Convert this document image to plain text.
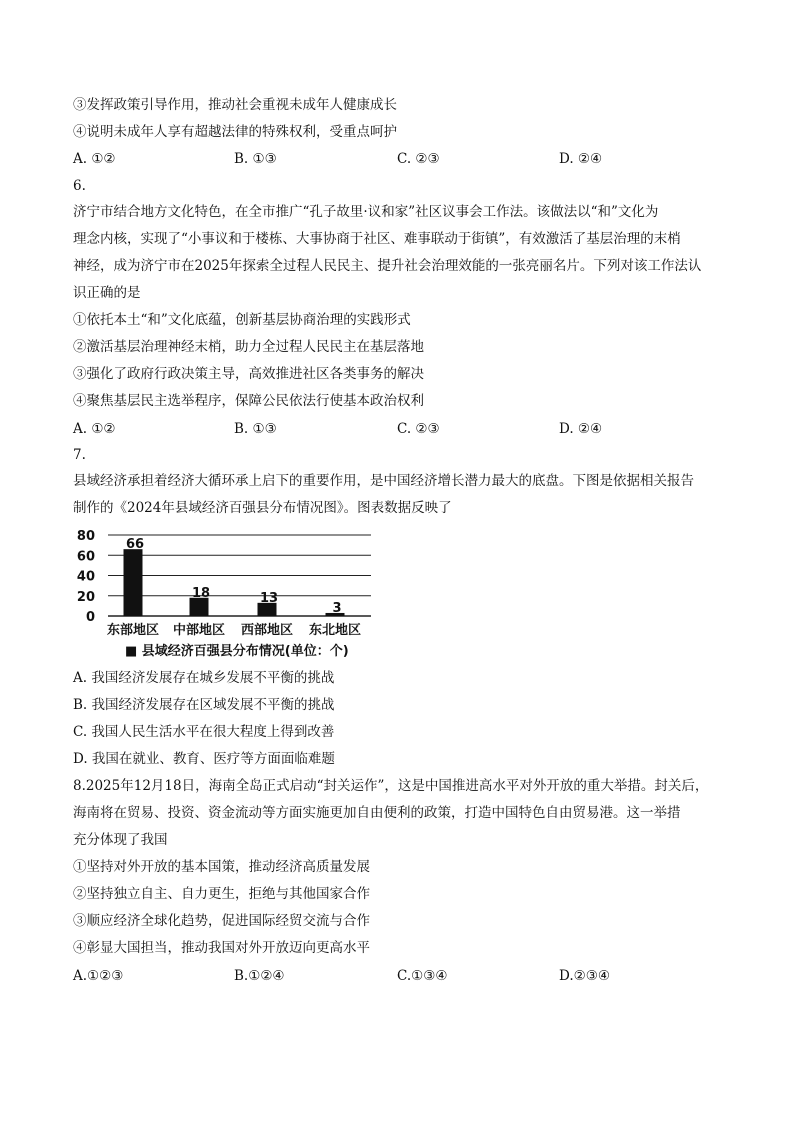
③发挥政策引导作用，推动社会重视未成年人健康成长
④说明未成年人享有超越法律的特殊权利，受重点呵护
A. ①②	B. ①③	C. ②③	D. ②④
6.
济宁市结合地方文化特色，在全市推广“孔子故里·议和家”社区议事会工作法。该做法以“和”文化为
理念内核，实现了“小事议和于楼栋、大事协商于社区、难事联动于街镇”，有效激活了基层治理的末梢
神经，成为济宁市在2025年探索全过程人民民主、提升社会治理效能的一张亮丽名片。下列对该工作法认
识正确的是
①依托本土“和”文化底蕴，创新基层协商治理的实践形式
②激活基层治理神经末梢，助力全过程人民民主在基层落地
③强化了政府行政决策主导，高效推进社区各类事务的解决
④聚焦基层民主选举程序，保障公民依法行使基本政治权利
A. ①②	B. ①③	C. ②③	D. ②④
7.
县域经济承担着经济大循环承上启下的重要作用，是中国经济增长潜力最大的底盘。下图是依据相关报告
制作的《2024年县域经济百强县分布情况图》。图表数据反映了
80
60
40
20
0
66
东部地区
18
中部地区
13
西部地区
3
东北地区
■ 县域经济百强县分布情况(单位：个)
A. 我国经济发展存在城乡发展不平衡的挑战
B. 我国经济发展存在区域发展不平衡的挑战
C. 我国人民生活水平在很大程度上得到改善
D. 我国在就业、教育、医疗等方面面临难题
8.2025年12月18日，海南全岛正式启动“封关运作”，这是中国推进高水平对外开放的重大举措。封关后，
海南将在贸易、投资、资金流动等方面实施更加自由便利的政策，打造中国特色自由贸易港。这一举措
充分体现了我国
①坚持对外开放的基本国策，推动经济高质量发展
②坚持独立自主、自力更生，拒绝与其他国家合作
③顺应经济全球化趋势，促进国际经贸交流与合作
④彰显大国担当，推动我国对外开放迈向更高水平
A.①②③	B.①②④	C.①③④	D.②③④
